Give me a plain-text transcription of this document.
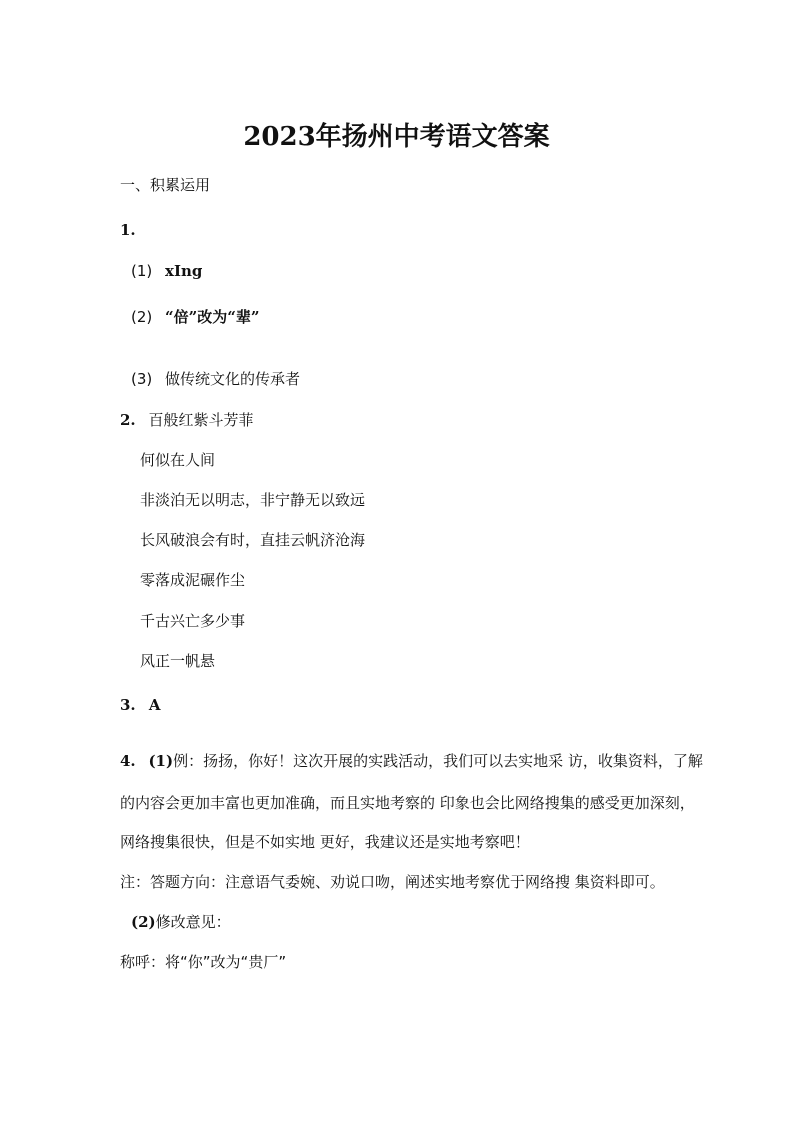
2023年扬州中考语文答案
一、积累运用
1.
(1) xIng
(2) “倍”改为“辈”
(3) 做传统文化的传承者
2. 百般红紫斗芳菲
何似在人间
非淡泊无以明志，非宁静无以致远
长风破浪会有时，直挂云帆济沧海
零落成泥碾作尘
千古兴亡多少事
风正一帆悬
3. A
4. (1)例：扬扬，你好！这次开展的实践活动，我们可以去实地采 访，收集资料，了解
的内容会更加丰富也更加准确，而且实地考察的 印象也会比网络搜集的感受更加深刻，
网络搜集很快，但是不如实地 更好，我建议还是实地考察吧！
注：答题方向：注意语气委婉、劝说口吻，阐述实地考察优于网络搜 集资料即可。
(2)修改意见：
称呼：将“你”改为“贵厂”
